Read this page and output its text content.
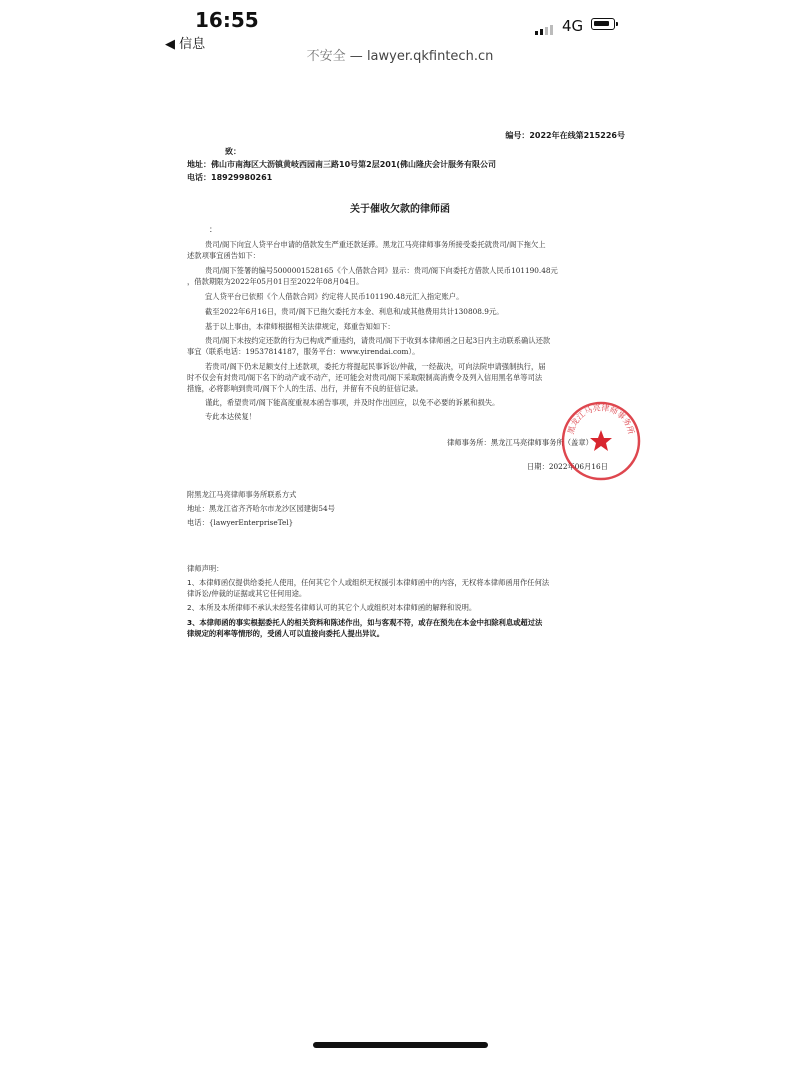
16:55
◀ 信息
4G
不安全 — lawyer.qkfintech.cn
编号：2022年在线第215226号
致：
地址：佛山市南海区大沥镇黄岐西园南三路10号第2层201(佛山隆庆会计服务有限公司
电话：18929980261
关于催收欠款的律师函
：
贵司/阁下向宜人贷平台申请的借款发生严重还款延滞。黑龙江马亮律师事务所接受委托就贵司/阁下拖欠上
述款项事宜函告如下：
贵司/阁下签署的编号5000001528165《个人借款合同》显示：贵司/阁下向委托方借款人民币101190.48元
，借款期限为2022年05月01日至2022年08月04日。
宜人贷平台已依照《个人借款合同》约定将人民币101190.48元汇入指定账户。
截至2022年6月16日，贵司/阁下已拖欠委托方本金、利息和/或其他费用共计130808.9元。
基于以上事由，本律师根据相关法律规定，郑重告知如下：
贵司/阁下未按约定还款的行为已构成严重违约，请贵司/阁下于收到本律师函之日起3日内主动联系确认还款
事宜（联系电话：19537814187，服务平台：www.yirendai.com）。
若贵司/阁下仍未足额支付上述款项，委托方将提起民事诉讼/仲裁，一经裁决，可向法院申请强制执行，届
时不仅会有封贵司/阁下名下的动产或不动产，还可能会对贵司/阁下采取限制高消费令及列入信用黑名单等司法
措施，必将影响到贵司/阁下个人的生活、出行，并留有不良的征信记录。
谨此，希望贵司/阁下能高度重视本函告事项，并及时作出回应，以免不必要的诉累和损失。
专此本达侯复！
律师事务所：黑龙江马亮律师事务所（盖章）
日期：2022年06月16日
黑龙江马亮律师事务所
附黑龙江马亮律师事务所联系方式
地址：黑龙江省齐齐哈尔市龙沙区园建街54号
电话：{lawyerEnterpriseTel}
律师声明：
1、本律师函仅提供给委托人使用，任何其它个人或组织无权援引本律师函中的内容，无权将本律师函用作任何法
律诉讼/仲裁的证据或其它任何用途。
2、本所及本所律师不承认未经签名律师认可的其它个人或组织对本律师函的解释和说明。
3、本律师函的事实根据委托人的相关资料和陈述作出，如与客观不符，或存在预先在本金中扣除利息或超过法
律规定的利率等情形的，受函人可以直接向委托人提出异议。
